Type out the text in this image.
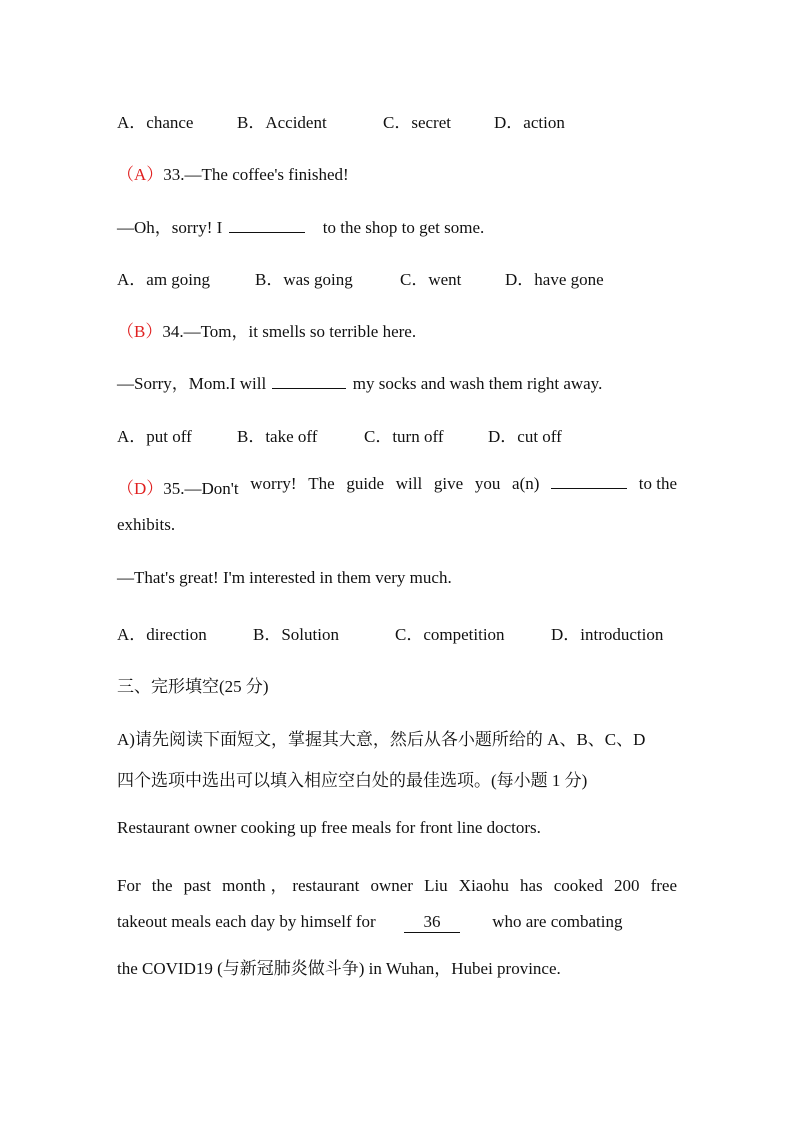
A．chance	B．Accident	C．secret	D．action
（A）33.—The coffee's finished!
—Oh，sorry! I	to the shop to get some.
A．am going	B．was going	C．went	D．have gone
（B）34.—Tom，it smells so terrible here.
—Sorry，Mom.I will	my socks and wash them right away.
A．put off	B．take off	C．turn off	D．cut off
（D）35.—Don't worry! The guide will give you a(n)	to the
exhibits.
—That's great! I'm interested in them very much.
A．direction	B．Solution	C．competition	D．introduction
三、完形填空(25 分)
A)请先阅读下面短文，掌握其大意，然后从各小题所给的 A、B、C、D
四个选项中选出可以填入相应空白处的最佳选项。(每小题 1 分)
Restaurant owner cooking up free meals for front line doctors.
For the past month，restaurant owner Liu Xiaohu has cooked 200 free
takeout meals each day by himself for	36	who are combating
the COVID19 (与新冠肺炎做斗争) in Wuhan，Hubei province.
